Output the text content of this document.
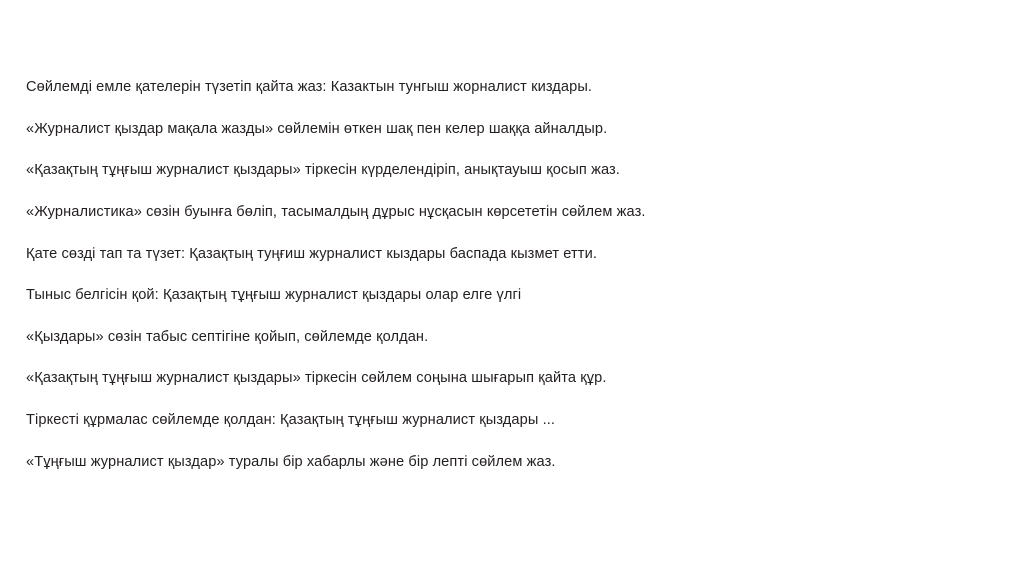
Сөйлемді емле қателерін түзетіп қайта жаз: Казактын тунгыш жорналист киздары.

«Журналист қыздар мақала жазды» сөйлемін өткен шақ пен келер шаққа айналдыр.

«Қазақтың тұңғыш журналист қыздары» тіркесін күрделендіріп, анықтауыш қосып жаз.

«Журналистика» сөзін буынға бөліп, тасымалдың дұрыс нұсқасын көрсететін сөйлем жаз.

Қате сөзді тап та түзет: Қазақтың туңғиш журналист кыздары баспада кызмет етти.

Тыныс белгісін қой: Қазақтың тұңғыш журналист қыздары олар елге үлгі

«Қыздары» сөзін табыс септігіне қойып, сөйлемде қолдан.

«Қазақтың тұңғыш журналист қыздары» тіркесін сөйлем соңына шығарып қайта құр.

Тіркесті құрмалас сөйлемде қолдан: Қазақтың тұңғыш журналист қыздары ...

«Тұңғыш журналист қыздар» туралы бір хабарлы және бір лепті сөйлем жаз.
